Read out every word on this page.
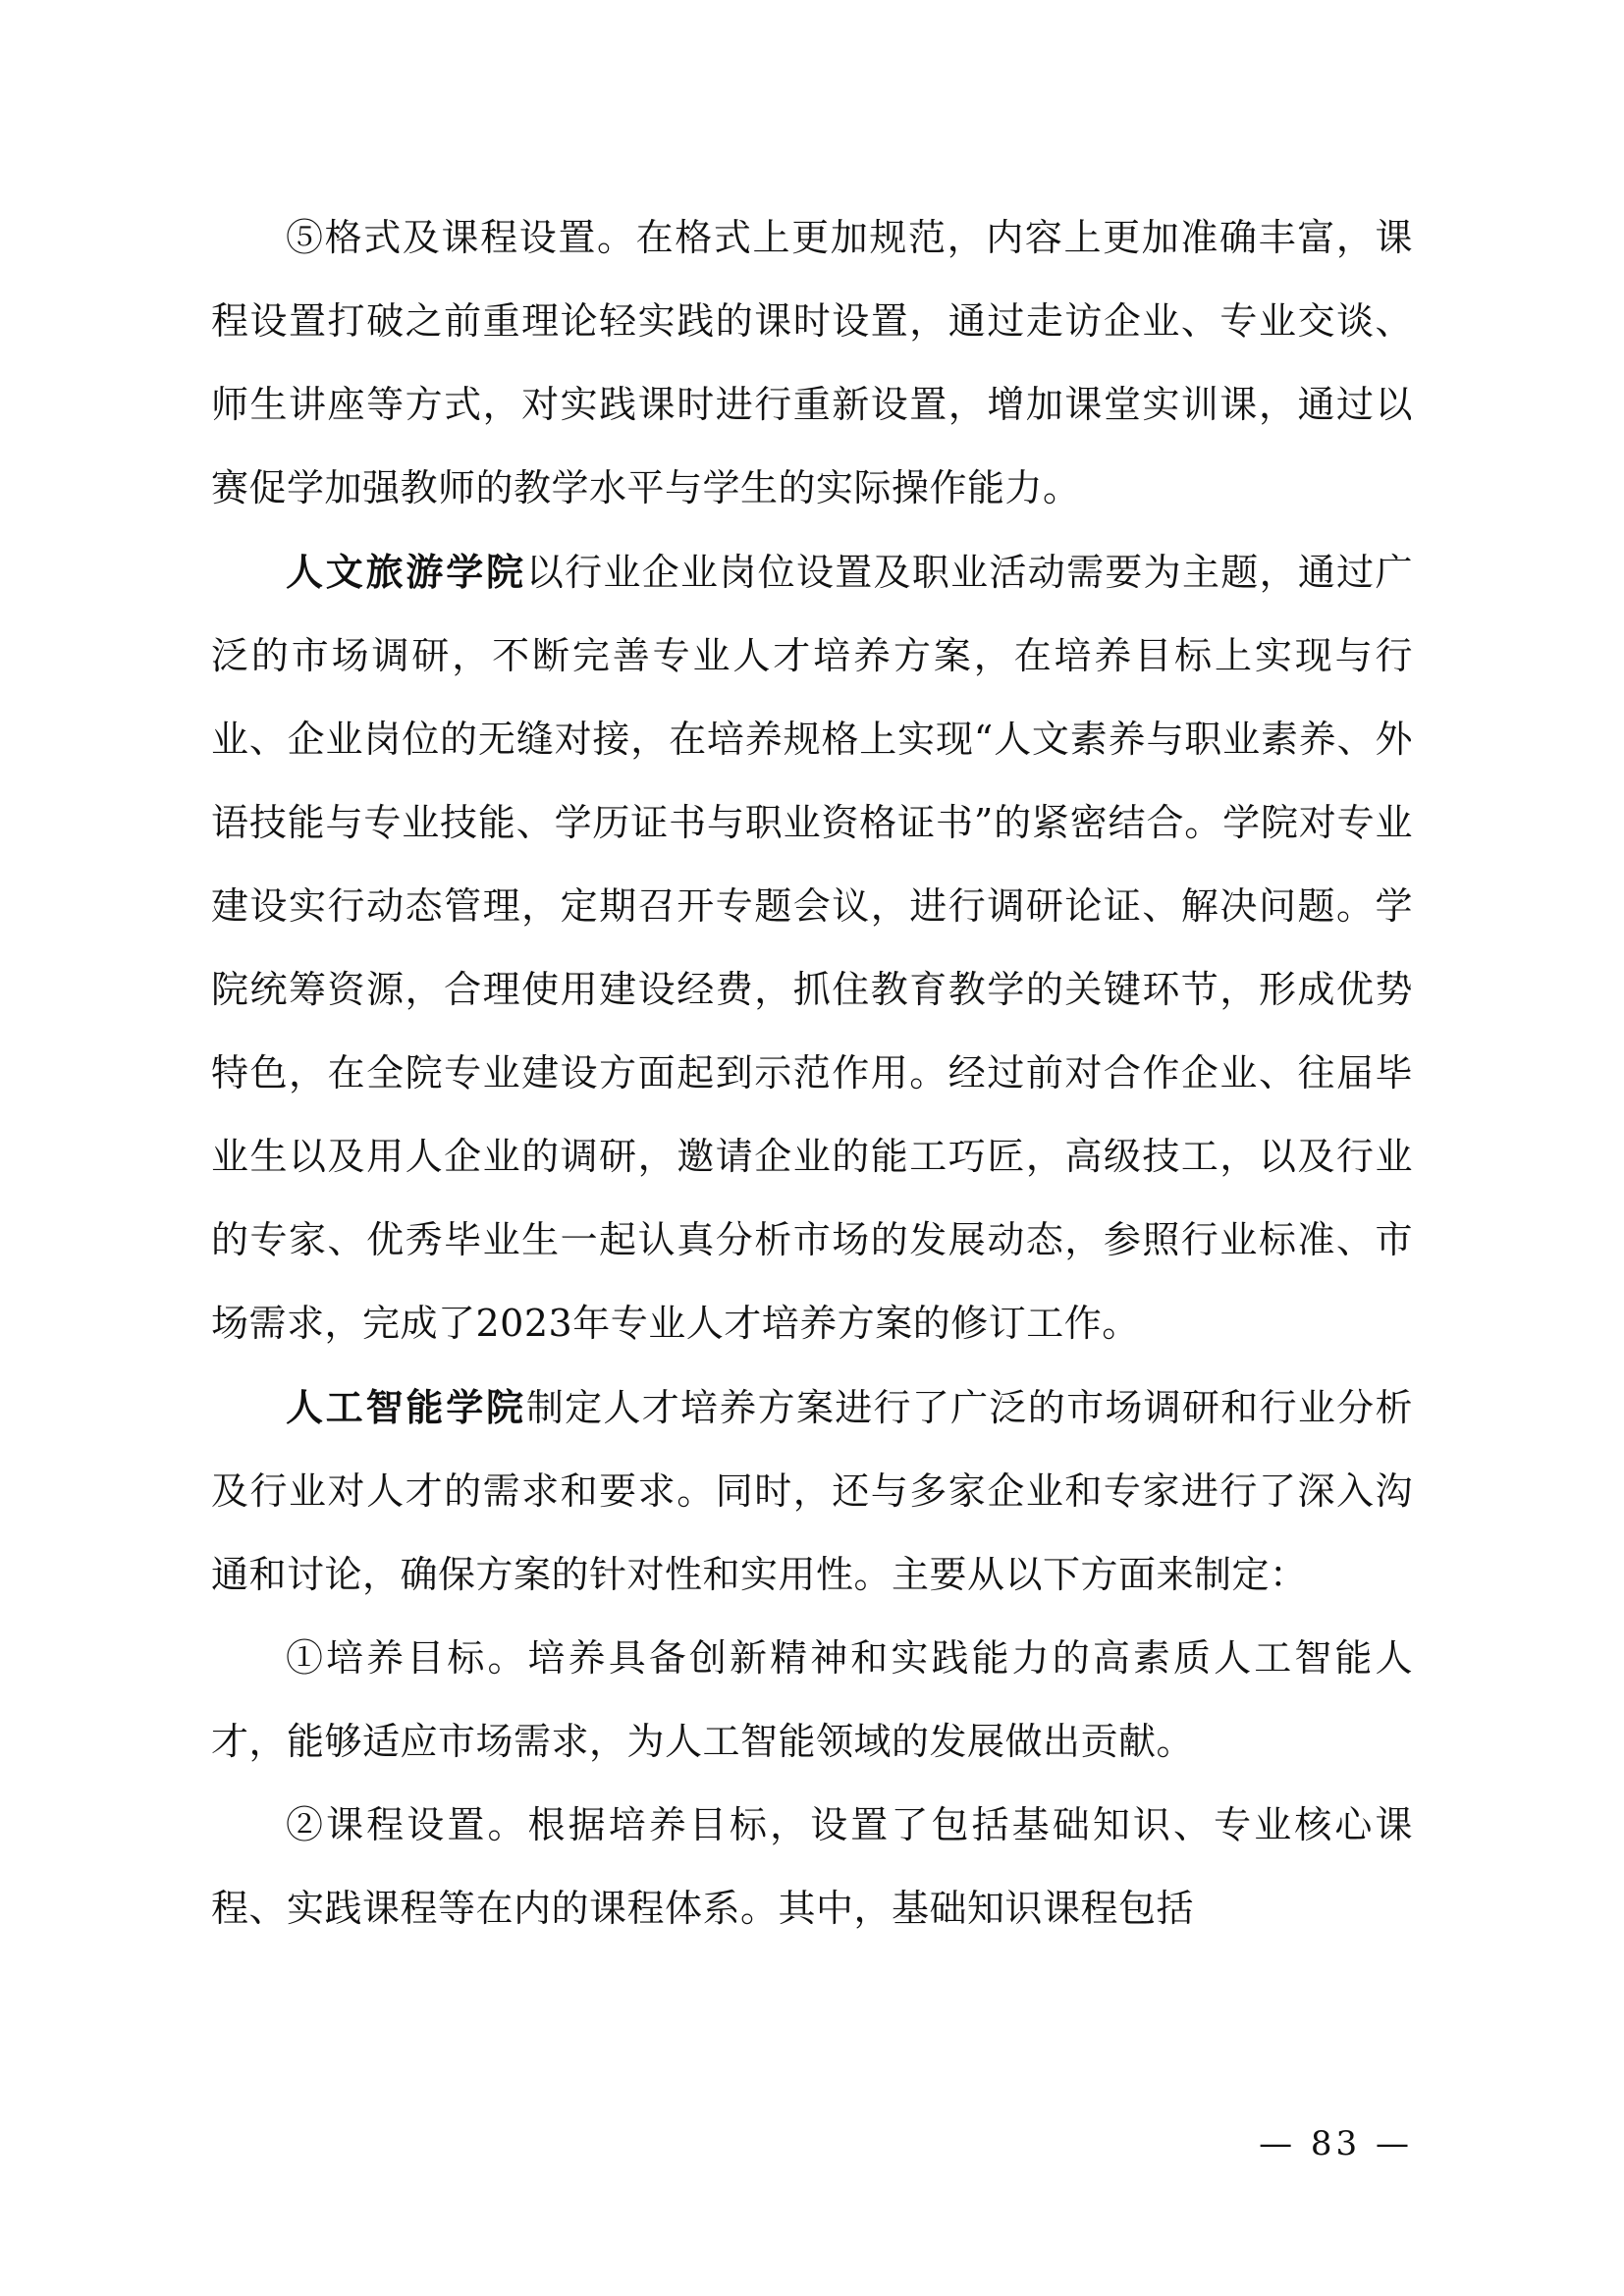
⑤格式及课程设置。在格式上更加规范，内容上更加准确丰富，课程设置打破之前重理论轻实践的课时设置，通过走访企业、专业交谈、师生讲座等方式，对实践课时进行重新设置，增加课堂实训课，通过以赛促学加强教师的教学水平与学生的实际操作能力。

人文旅游学院以行业企业岗位设置及职业活动需要为主题，通过广泛的市场调研，不断完善专业人才培养方案，在培养目标上实现与行业、企业岗位的无缝对接，在培养规格上实现“人文素养与职业素养、外语技能与专业技能、学历证书与职业资格证书”的紧密结合。学院对专业建设实行动态管理，定期召开专题会议，进行调研论证、解决问题。学院统筹资源，合理使用建设经费，抓住教育教学的关键环节，形成优势特色，在全院专业建设方面起到示范作用。经过前对合作企业、往届毕业生以及用人企业的调研，邀请企业的能工巧匠，高级技工，以及行业的专家、优秀毕业生一起认真分析市场的发展动态，参照行业标准、市场需求，完成了2023年专业人才培养方案的修订工作。

人工智能学院制定人才培养方案进行了广泛的市场调研和行业分析及行业对人才的需求和要求。同时，还与多家企业和专家进行了深入沟通和讨论，确保方案的针对性和实用性。主要从以下方面来制定：

①培养目标。培养具备创新精神和实践能力的高素质人工智能人才，能够适应市场需求，为人工智能领域的发展做出贡献。

②课程设置。根据培养目标，设置了包括基础知识、专业核心课程、实践课程等在内的课程体系。其中，基础知识课程包括

— 83 —
